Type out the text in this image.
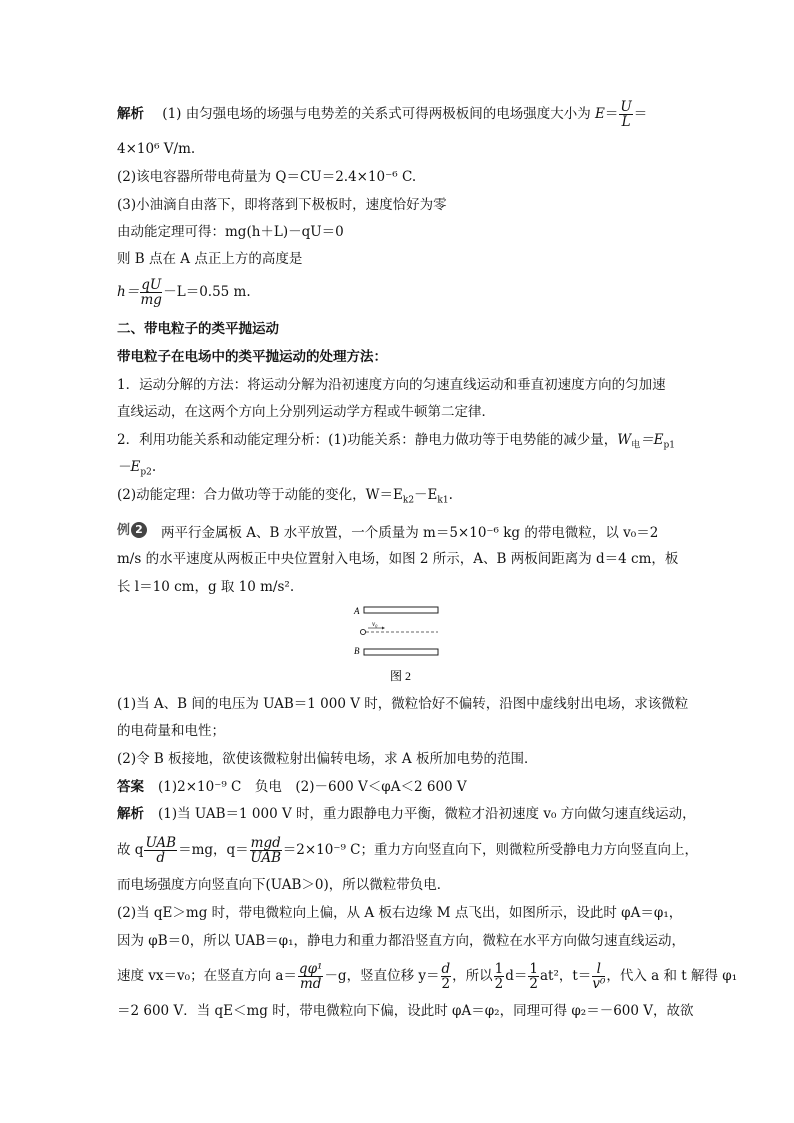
解析 (1) 由匀强电场的场强与电势差的关系式可得两极板间的电场强度大小为 $E= \frac{U}{L}$ ＝
4×10⁶ V/m.
(2)该电容器所带电荷量为 Q＝CU＝2.4×10⁻⁶ C.
(3)小油滴自由落下，即将落到下极板时，速度恰好为零
由动能定理可得：mg(h＋L)－qU＝0
则 B 点在 A 点正上方的高度是
$h= \frac{qU}{mg} -L=0.55$ m.
二、带电粒子的类平抛运动
带电粒子在电场中的类平抛运动的处理方法：
1．运动分解的方法：将运动分解为沿初速度方向的匀速直线运动和垂直初速度方向的匀加速
直线运动，在这两个方向上分别列运动学方程或牛顿第二定律．
2．利用功能关系和动能定理分析：(1)功能关系：静电力做功等于电势能的减少量，$W_电=E_{p1}$
$-E_{p2}$.
(2)动能定理：合力做功等于动能的变化，$W=E_{k2}-E_{k1}$.
例 2	两平行金属板 A、B 水平放置，一个质量为 m＝5×10⁻⁶ kg 的带电微粒，以 v₀＝2
m/s 的水平速度从两板正中央位置射入电场，如图 2 所示，A、B 两板间距离为 d＝4 cm，板
长 l＝10 cm，g 取 10 m/s².
A
v₀
B
图 2
(1)当 A、B 间的电压为 UAB＝1 000 V 时，微粒恰好不偏转，沿图中虚线射出电场，求该微粒
的电荷量和电性；
(2)令 B 板接地，欲使该微粒射出偏转电场，求 A 板所加电势的范围．
答案 (1)2×10⁻⁹ C　负电　(2)－600 V＜φA＜2 600 V
解析 (1)当 UAB＝1 000 V 时，重力跟静电力平衡，微粒才沿初速度 v₀ 方向做匀速直线运动，
故 q $\frac{\text{UAB}}{d} =mg$，$q= \frac{\text{mgd}}{\text{UAB}} =2\times 10^{-9}$ C；重力方向竖直向下，则微粒所受静电力方向竖直向上，
而电场强度方向竖直向下(UAB＞0)，所以微粒带负电．
(2)当 qE＞mg 时，带电微粒向上偏，从 A 板右边缘 M 点飞出，如图所示，设此时 φA＝φ₁，
因为 φB＝0，所以 UAB＝φ₁，静电力和重力都沿竖直方向，微粒在水平方向做匀速直线运动，
速度 vx＝v₀；在竖直方向 $a= \frac{\text{qφ¹}}{md} -g$，竖直位移 $y= \frac{d}{2}$ ，所以 $\frac{1}{2} d= \frac{1}{2} at^2$，$t= \frac{l}{\text{v⁰}}$ ，代入 a 和 t 解得 φ₁
＝2 600 V．当 qE＜mg 时，带电微粒向下偏，设此时 φA＝φ₂，同理可得 φ₂＝－600 V，故欲
